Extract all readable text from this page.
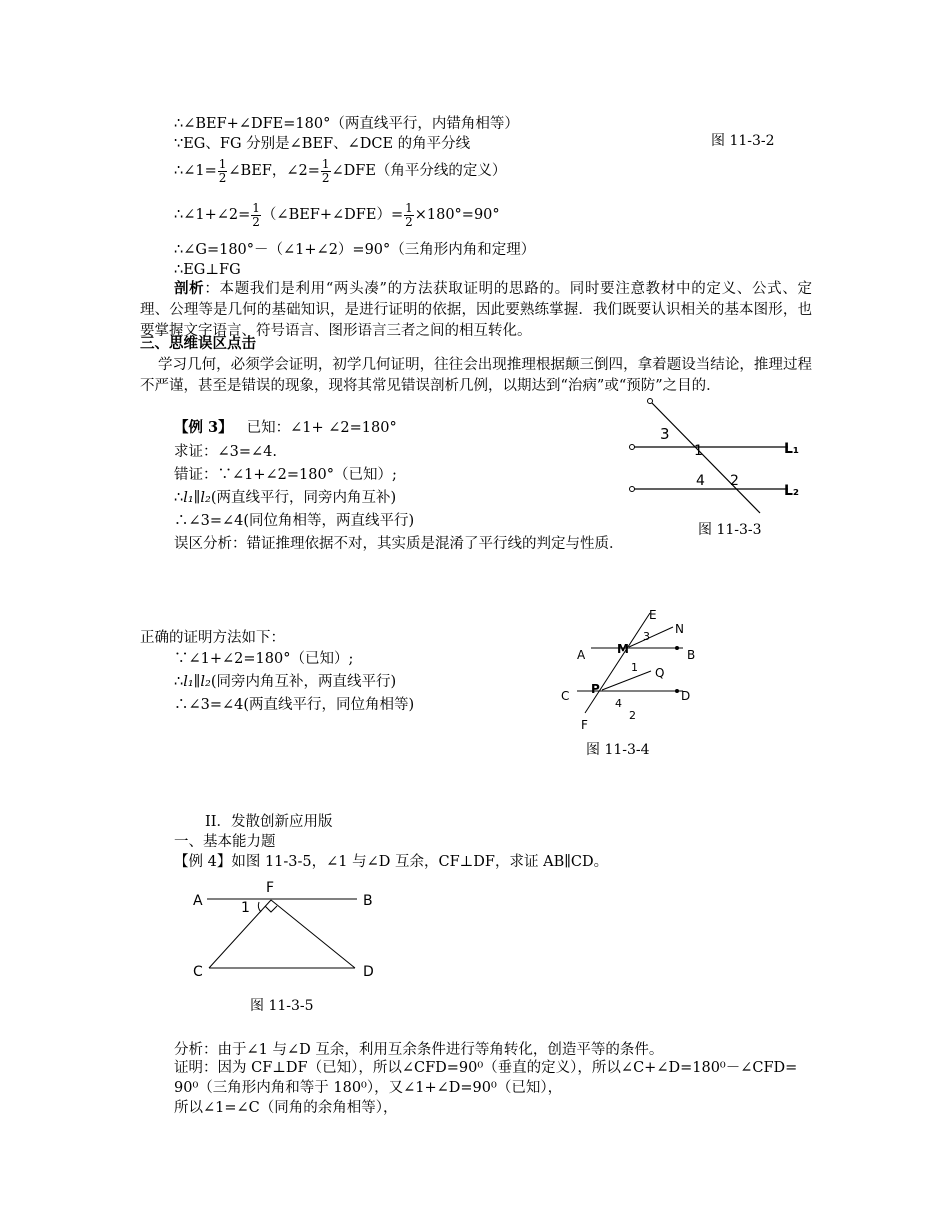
∴∠BEF+∠DFE=180°（两直线平行，内错角相等）
∵EG、FG 分别是∠BEF、∠DCE 的角平分线	图 11-3-2
∴∠1= $\frac{1}{2}$ ∠BEF，∠2= $\frac{1}{2}$ ∠DFE（角平分线的定义）
∴∠1+∠2= $\frac{1}{2}$ （∠BEF+∠DFE）= $\frac{1}{2} \times 180^\circ=90^\circ$
∴∠G=180°－（∠1+∠2）=90°（三角形内角和定理）
∴EG⊥FG
剖析：本题我们是利用“两头凑”的方法获取证明的思路的。同时要注意教材中的定义、公式、定理、公理等是几何的基础知识，是进行证明的依据，因此要熟练掌握．我们既要认识相关的基本图形，也要掌握文字语言、符号语言、图形语言三者之间的相互转化。
三、思维误区点击
学习几何，必须学会证明，初学几何证明，往往会出现推理根据颠三倒四，拿着题设当结论，推理过程不严谨，甚至是错误的现象，现将其常见错误剖析几例，以期达到“治病”或“预防”之目的．
【例 3】 已知：∠1+ ∠2=180°
求证：∠3=∠4.
错证：∵∠1+∠2=180°（已知）;
∴l₁∥l₂(两直线平行，同旁内角互补)
∴∠3=∠4(同位角相等，两直线平行)
误区分析：错证推理依据不对，其实质是混淆了平行线的判定与性质．
3
1
4 2
L₁
L₂
图 11-3-3
正确的证明方法如下：
∵∠1+∠2=180°（已知）;
∴l₁∥l₂(同旁内角互补，两直线平行)
∴∠3=∠4(两直线平行，同位角相等)
E
N
M
3
A	B
1 Q
C P	D
F
4
2
图 11-3-4
II．发散创新应用版
一、基本能力题
【例 4】如图 11-3-5，∠1 与∠D 互余，CF⊥DF，求证 AB∥CD。
A
F
B
1
C	D
图 11-3-5
分析：由于∠1 与∠D 互余，利用互余条件进行等角转化，创造平等的条件。
证明：因为 CF⊥DF（已知），所以∠CFD=90⁰（垂直的定义），所以∠C+∠D=180⁰－∠CFD=
90⁰（三角形内角和等于 180⁰），又∠1+∠D=90⁰（已知），
所以∠1=∠C（同角的余角相等），
